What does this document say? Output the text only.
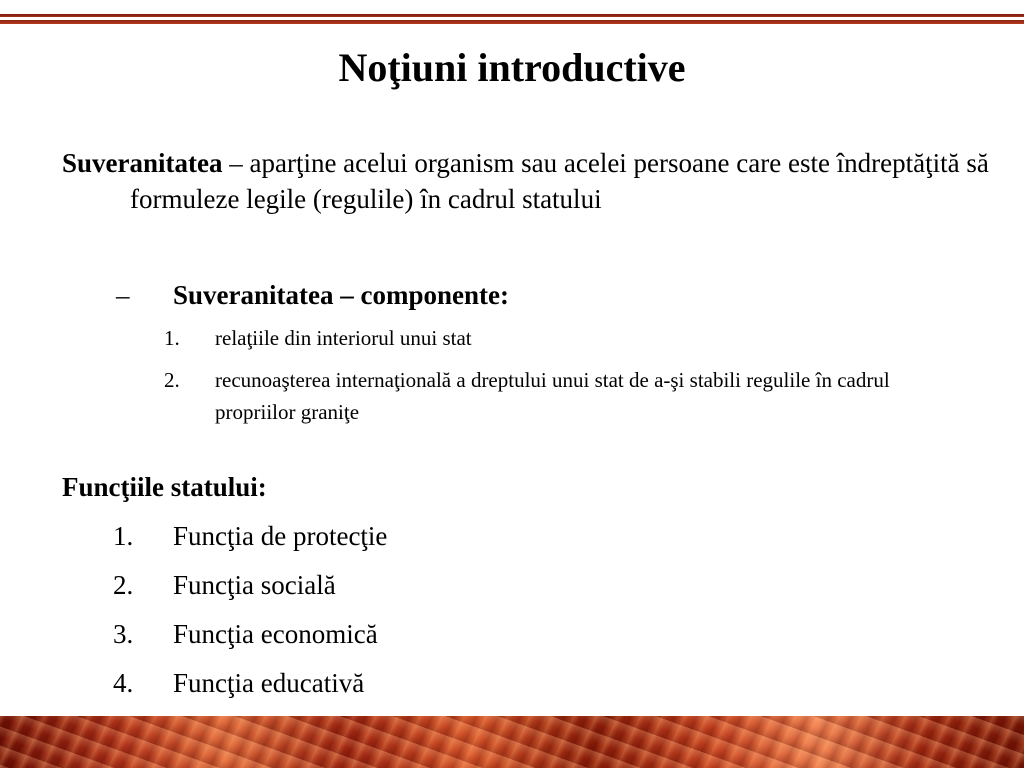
Noţiuni introductive

Suveranitatea – aparţine acelui organism sau acelei persoane care este îndreptăţită să formuleze legile (regulile) în cadrul statului

– Suveranitatea – componente:
1. relaţiile din interiorul unui stat
2. recunoaşterea internaţională a dreptului unui stat de a-şi stabili regulile în cadrul propriilor graniţe

Funcţiile statului:

1. Funcţia de protecţie
2. Funcţia socială
3. Funcţia economică
4. Funcţia educativă
